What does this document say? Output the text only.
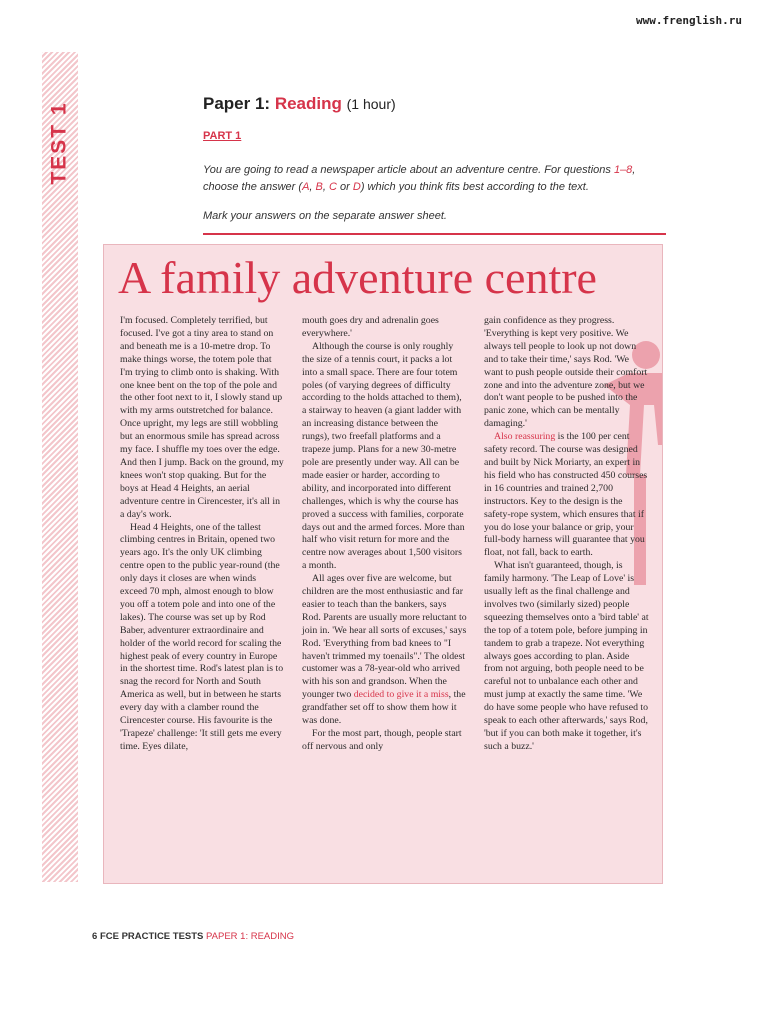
www.frenglish.ru
TEST 1	Paper 1: Reading (1 hour)
PART 1

You are going to read a newspaper article about an adventure centre. For questions 1–8, choose the answer (A, B, C or D) which you think fits best according to the text.

Mark your answers on the separate answer sheet.

A family adventure centre

I'm focused. Completely terrified, but focused. I've got a tiny area to stand on and beneath me is a 10-metre drop. To make things worse, the totem pole that I'm trying to climb onto is shaking. With one knee bent on the top of the pole and the other foot next to it, I slowly stand up with my arms outstretched for balance. Once upright, my legs are still wobbling but an enormous smile has spread across my face. I shuffle my toes over the edge. And then I jump. Back on the ground, my knees won't stop quaking. But for the boys at Head 4 Heights, an aerial adventure centre in Cirencester, it's all in a day's work.

Head 4 Heights, one of the tallest climbing centres in Britain, opened two years ago. It's the only UK climbing centre open to the public year-round (the only days it closes are when winds exceed 70 mph, almost enough to blow you off a totem pole and into one of the lakes). The course was set up by Rod Baber, adventurer extraordinaire and holder of the world record for scaling the highest peak of every country in Europe in the shortest time. Rod's latest plan is to snag the record for North and South America as well, but in between he starts every day with a clamber round the Cirencester course. His favourite is the 'Trapeze' challenge: 'It still gets me every time. Eyes dilate,

mouth goes dry and adrenalin goes everywhere.'

Although the course is only roughly the size of a tennis court, it packs a lot into a small space. There are four totem poles (of varying degrees of difficulty according to the holds attached to them), a stairway to heaven (a giant ladder with an increasing distance between the rungs), two freefall platforms and a trapeze jump. Plans for a new 30-metre pole are presently under way. All can be made easier or harder, according to ability, and incorporated into different challenges, which is why the course has proved a success with families, corporate days out and the armed forces. More than half who visit return for more and the centre now averages about 1,500 visitors a month.

All ages over five are welcome, but children are the most enthusiastic and far easier to teach than the bankers, says Rod. Parents are usually more reluctant to join in. 'We hear all sorts of excuses,' says Rod. 'Everything from bad knees to "I haven't trimmed my toenails".' The oldest customer was a 78-year-old who arrived with his son and grandson. When the younger two decided to give it a miss, the grandfather set off to show them how it was done.

For the most part, though, people start off nervous and only

gain confidence as they progress. 'Everything is kept very positive. We always tell people to look up not down and to take their time,' says Rod. 'We want to push people outside their comfort zone and into the adventure zone, but we don't want people to be pushed into the panic zone, which can be mentally damaging.'

Also reassuring is the 100 per cent safety record. The course was designed and built by Nick Moriarty, an expert in his field who has constructed 450 courses in 16 countries and trained 2,700 instructors. Key to the design is the safety-rope system, which ensures that if you do lose your balance or grip, your full-body harness will guarantee that you float, not fall, back to earth.

What isn't guaranteed, though, is family harmony. 'The Leap of Love' is usually left as the final challenge and involves two (similarly sized) people squeezing themselves onto a 'bird table' at the top of a totem pole, before jumping in tandem to grab a trapeze. Not everything always goes according to plan. Aside from not arguing, both people need to be careful not to unbalance each other and must jump at exactly the same time. 'We do have some people who have refused to speak to each other afterwards,' says Rod, 'but if you can both make it together, it's such a buzz.'

6 FCE PRACTICE TESTS PAPER 1: READING
